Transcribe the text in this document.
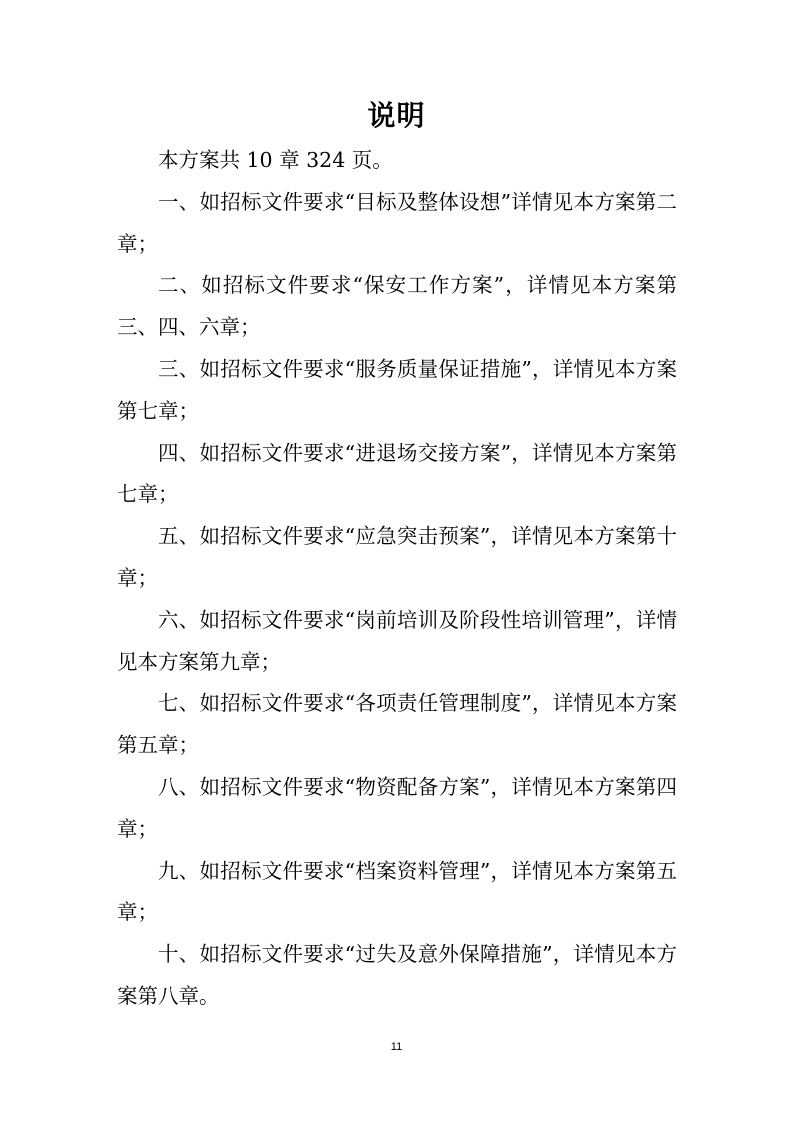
说明

本方案共 10 章 324 页。

一、如招标文件要求“目标及整体设想”详情见本方案第二章；

二、如招标文件要求“保安工作方案”，详情见本方案第三、四、六章；

三、如招标文件要求“服务质量保证措施”，详情见本方案第七章；

四、如招标文件要求“进退场交接方案”，详情见本方案第七章；

五、如招标文件要求“应急突击预案”，详情见本方案第十章；

六、如招标文件要求“岗前培训及阶段性培训管理”，详情见本方案第九章；

七、如招标文件要求“各项责任管理制度”，详情见本方案第五章；

八、如招标文件要求“物资配备方案”，详情见本方案第四章；

九、如招标文件要求“档案资料管理”，详情见本方案第五章；

十、如招标文件要求“过失及意外保障措施”，详情见本方案第八章。

11
